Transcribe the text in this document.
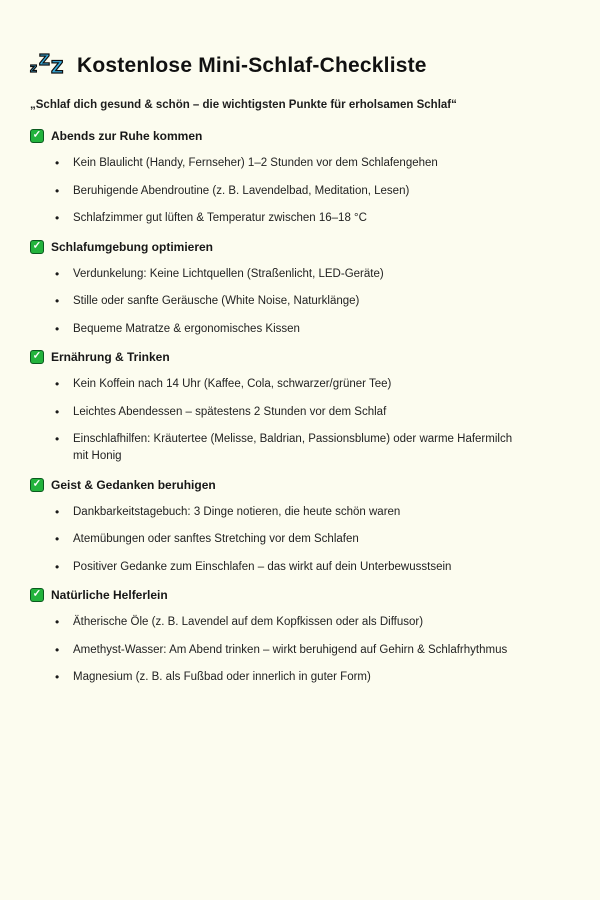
z Z Z Kostenlose Mini-Schlaf-Checkliste
„Schlaf dich gesund & schön – die wichtigsten Punkte für erholsamen Schlaf“
✓ Abends zur Ruhe kommen
• Kein Blaulicht (Handy, Fernseher) 1–2 Stunden vor dem Schlafengehen
• Beruhigende Abendroutine (z. B. Lavendelbad, Meditation, Lesen)
• Schlafzimmer gut lüften & Temperatur zwischen 16–18 °C
✓ Schlafumgebung optimieren
• Verdunkelung: Keine Lichtquellen (Straßenlicht, LED-Geräte)
• Stille oder sanfte Geräusche (White Noise, Naturklänge)
• Bequeme Matratze & ergonomisches Kissen
✓ Ernährung & Trinken
• Kein Koffein nach 14 Uhr (Kaffee, Cola, schwarzer/grüner Tee)
• Leichtes Abendessen – spätestens 2 Stunden vor dem Schlaf
• Einschlafhilfen: Kräutertee (Melisse, Baldrian, Passionsblume) oder warme Hafermilch mit Honig
✓ Geist & Gedanken beruhigen
• Dankbarkeitstagebuch: 3 Dinge notieren, die heute schön waren
• Atemübungen oder sanftes Stretching vor dem Schlafen
• Positiver Gedanke zum Einschlafen – das wirkt auf dein Unterbewusstsein
✓ Natürliche Helferlein
• Ätherische Öle (z. B. Lavendel auf dem Kopfkissen oder als Diffusor)
• Amethyst-Wasser: Am Abend trinken – wirkt beruhigend auf Gehirn & Schlafrhythmus
• Magnesium (z. B. als Fußbad oder innerlich in guter Form)
